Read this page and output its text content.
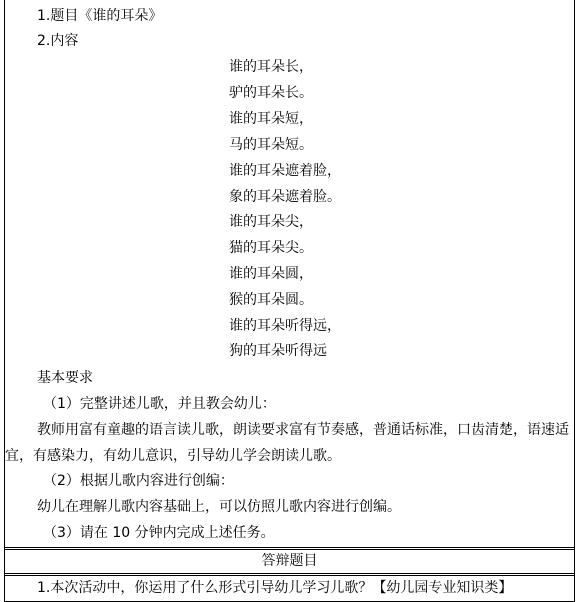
1.题目《谁的耳朵》
2.内容
谁的耳朵长，
驴的耳朵长。
谁的耳朵短，
马的耳朵短。
谁的耳朵遮着脸，
象的耳朵遮着脸。
谁的耳朵尖，
猫的耳朵尖。
谁的耳朵圆，
猴的耳朵圆。
谁的耳朵听得远，
狗的耳朵听得远
基本要求
（1）完整讲述儿歌，并且教会幼儿：
教师用富有童趣的语言读儿歌，朗读要求富有节奏感，普通话标准，口齿清楚，语速适
宜，有感染力，有幼儿意识，引导幼儿学会朗读儿歌。
（2）根据儿歌内容进行创编：
幼儿在理解儿歌内容基础上，可以仿照儿歌内容进行创编。
（3）请在 10 分钟内完成上述任务。
答辩题目
1.本次活动中，你运用了什么形式引导幼儿学习儿歌？【幼儿园专业知识类】
